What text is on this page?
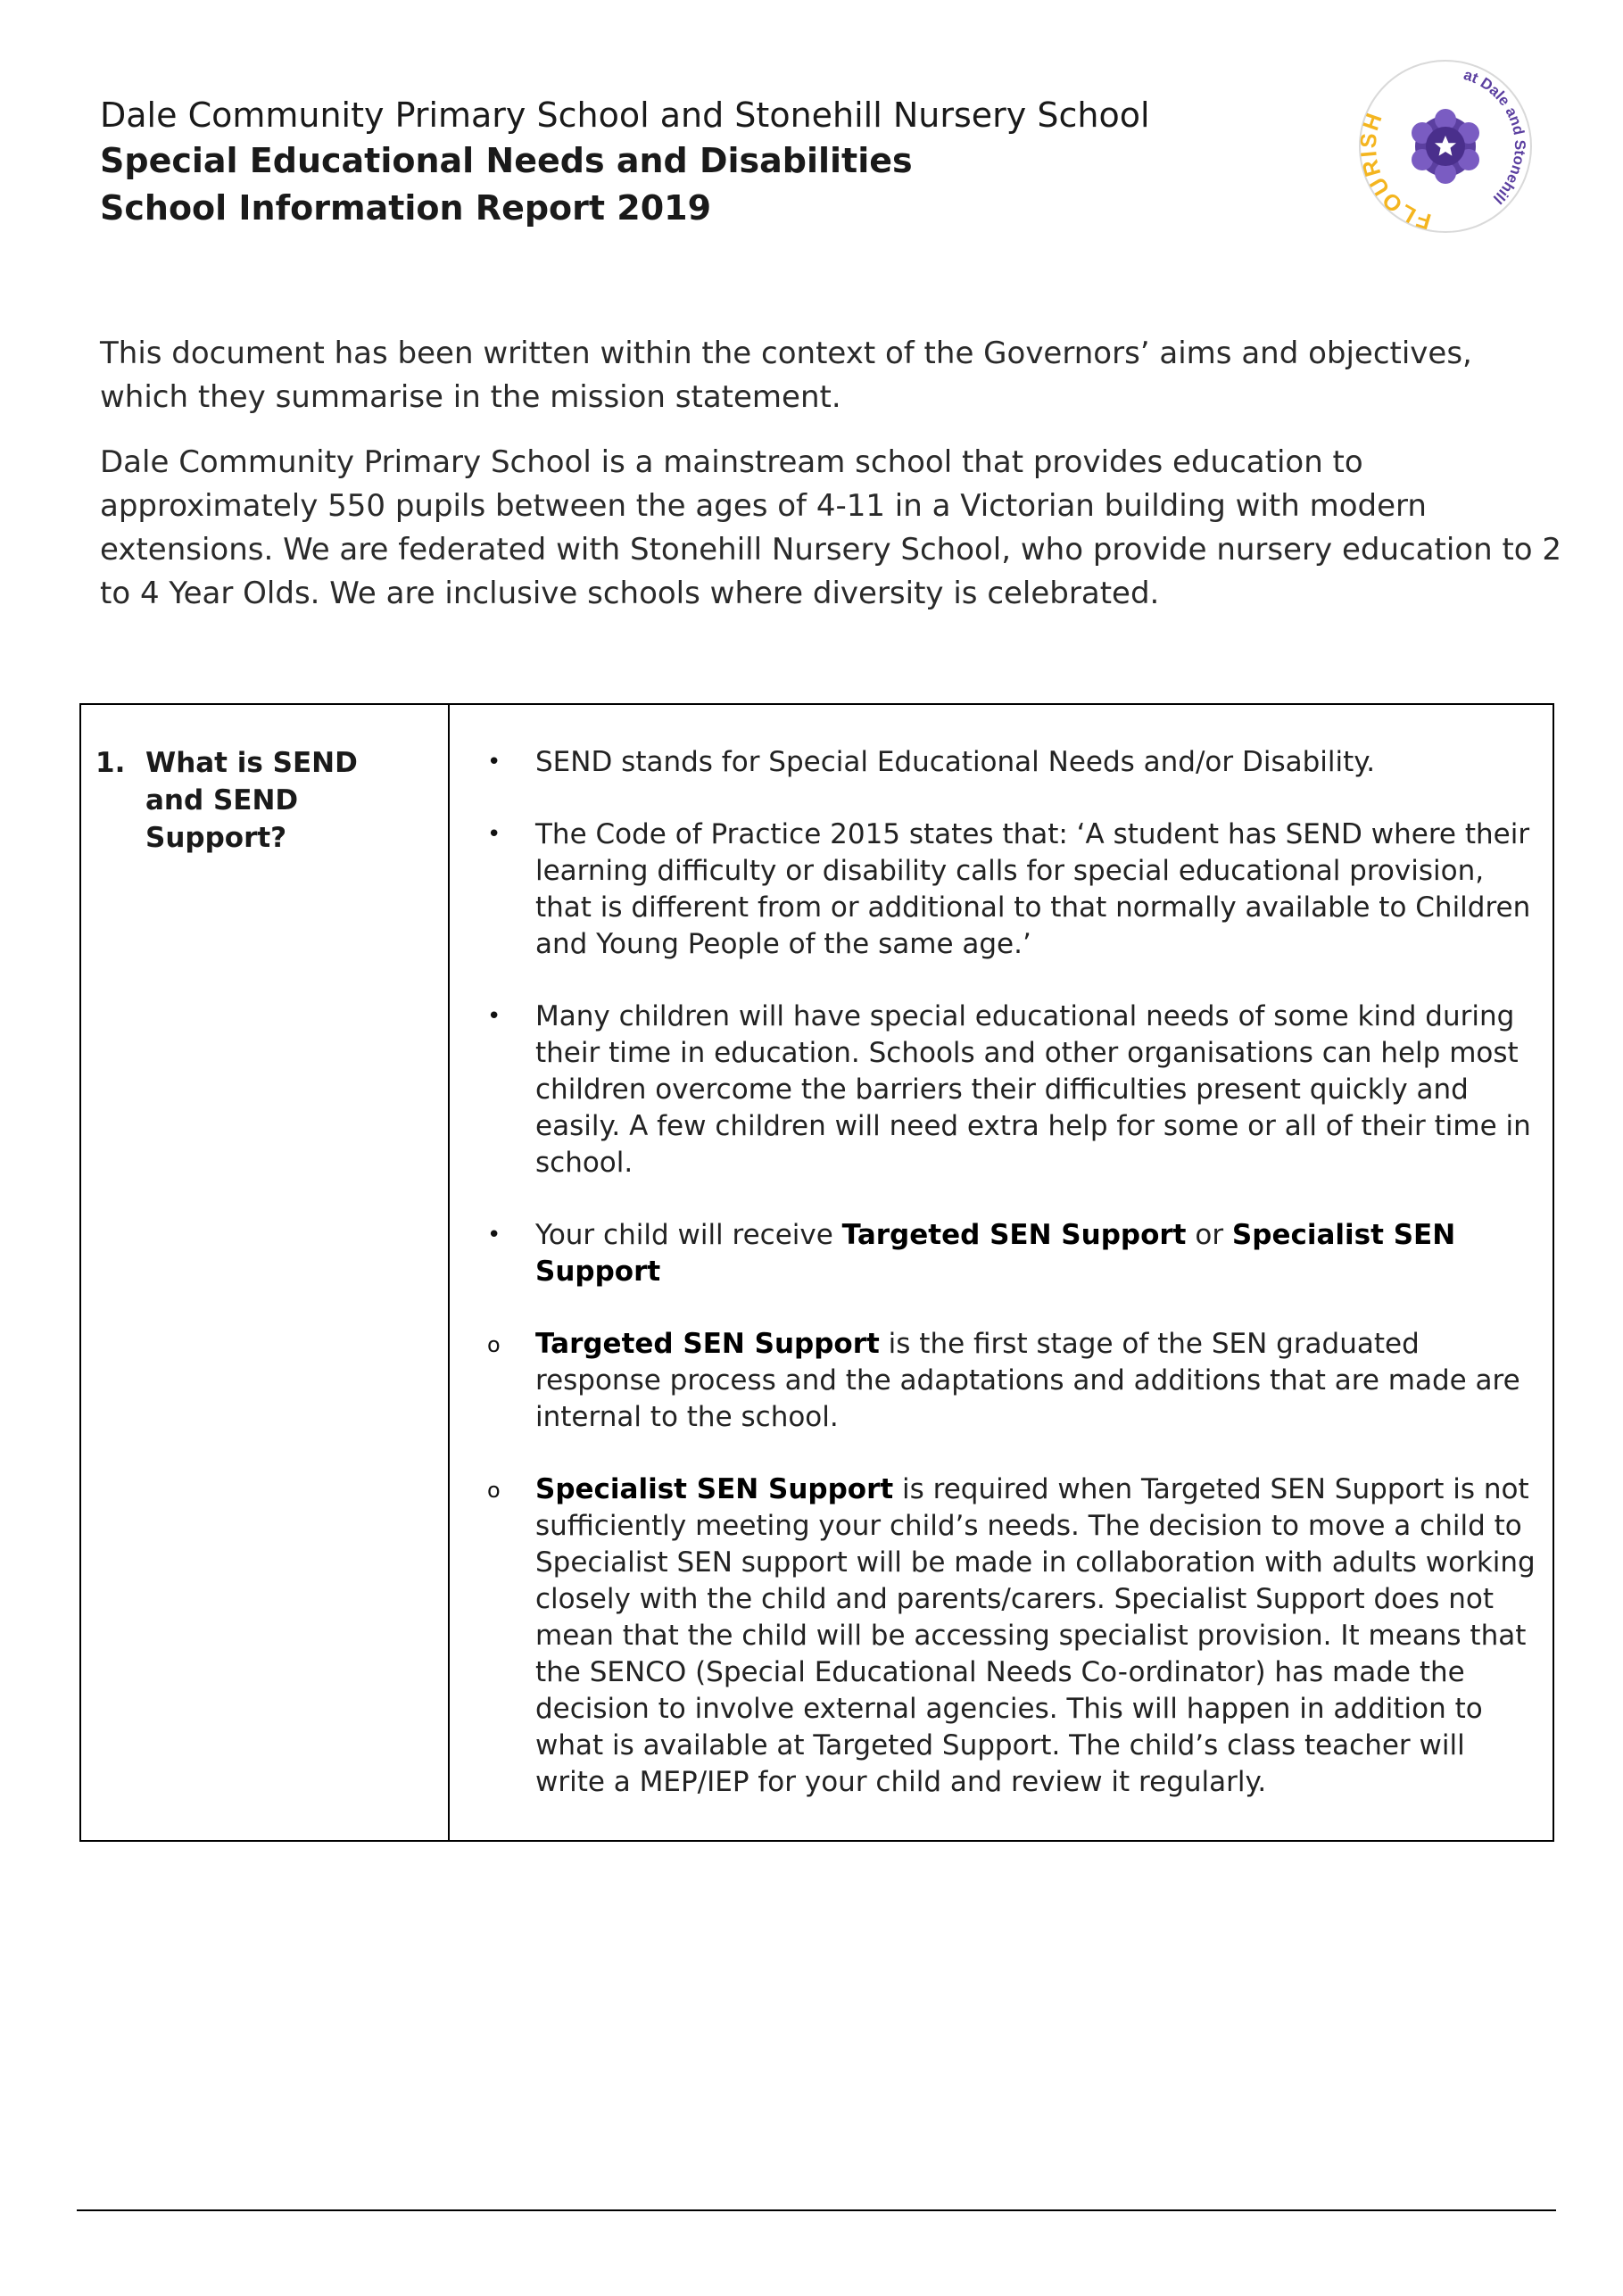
Dale Community Primary School and Stonehill Nursery School

Special Educational Needs and Disabilities

School Information Report 2019	FLOURISH
at Dale and Stonehill

This document has been written within the context of the Governors’ aims and objectives, which they summarise in the mission statement.

Dale Community Primary School is a mainstream school that provides education to approximately 550 pupils between the ages of 4-11 in a Victorian building with modern extensions. We are federated with Stonehill Nursery School, who provide nursery education to 2 to 4 Year Olds. We are inclusive schools where diversity is celebrated.

1. What is SEND and SEND Support?
•	SEND stands for Special Educational Needs and/or Disability.
•	The Code of Practice 2015 states that: ‘A student has SEND where their learning difficulty or disability calls for special educational provision, that is different from or additional to that normally available to Children and Young People of the same age.’
•	Many children will have special educational needs of some kind during their time in education. Schools and other organisations can help most children overcome the barriers their difficulties present quickly and easily. A few children will need extra help for some or all of their time in school.
•	Your child will receive Targeted SEN Support or Specialist SEN Support
o	Targeted SEN Support is the first stage of the SEN graduated response process and the adaptations and additions that are made are internal to the school.
o	Specialist SEN Support is required when Targeted SEN Support is not sufficiently meeting your child’s needs. The decision to move a child to Specialist SEN support will be made in collaboration with adults working closely with the child and parents/carers. Specialist Support does not mean that the child will be accessing specialist provision. It means that the SENCO (Special Educational Needs Co-ordinator) has made the decision to involve external agencies. This will happen in addition to what is available at Targeted Support. The child’s class teacher will write a MEP/IEP for your child and review it regularly.
